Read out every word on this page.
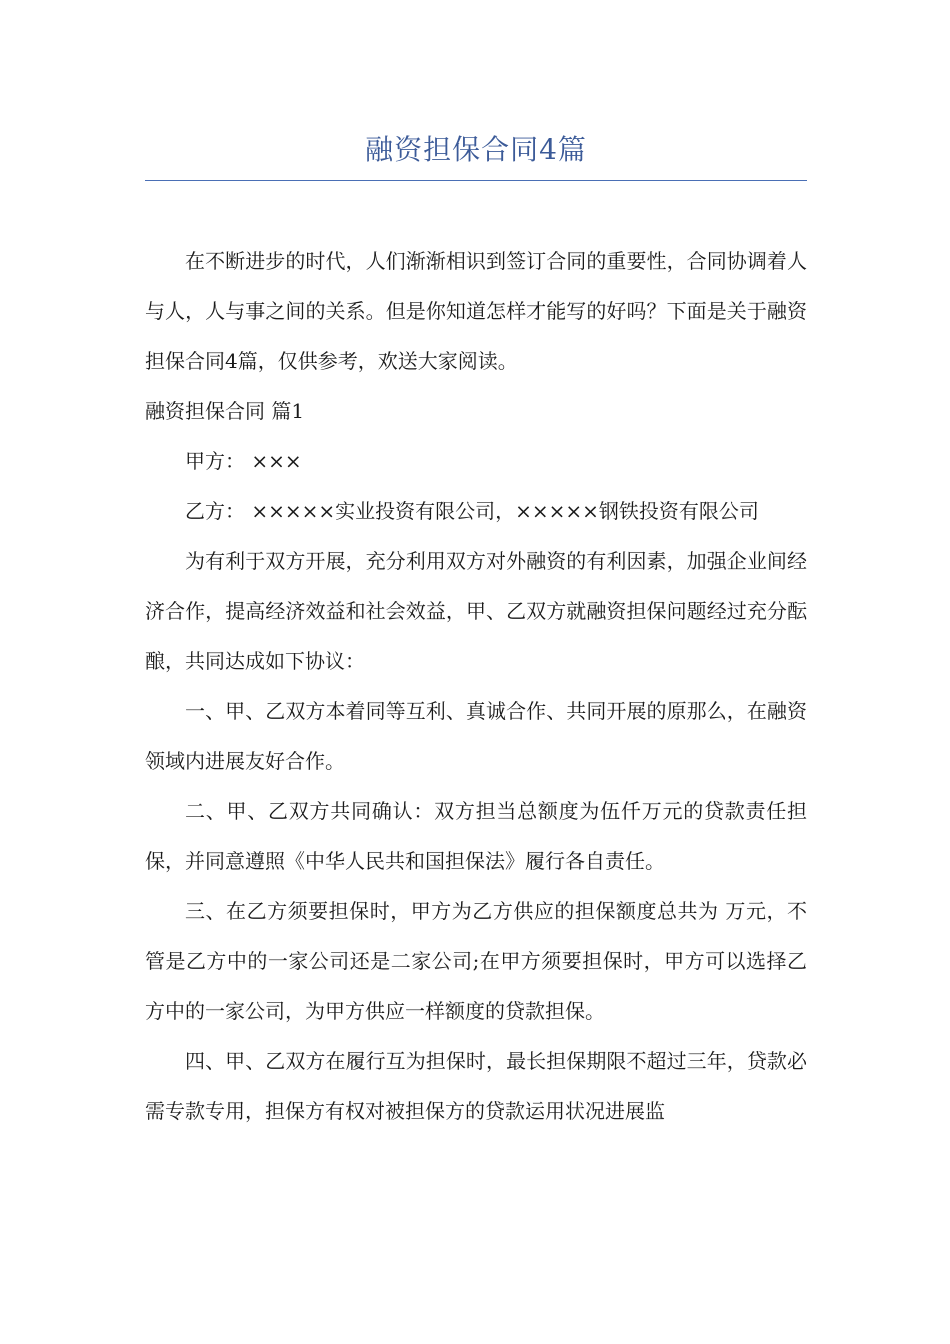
融资担保合同4篇

在不断进步的时代，人们渐渐相识到签订合同的重要性，合同协调着人与人，人与事之间的关系。但是你知道怎样才能写的好吗？下面是关于融资担保合同4篇，仅供参考，欢送大家阅读。

融资担保合同 篇1

甲方： ×××

乙方： ×××××实业投资有限公司，×××××钢铁投资有限公司

为有利于双方开展，充分利用双方对外融资的有利因素，加强企业间经济合作，提高经济效益和社会效益，甲、乙双方就融资担保问题经过充分酝酿，共同达成如下协议：

一、甲、乙双方本着同等互利、真诚合作、共同开展的原那么，在融资领域内进展友好合作。

二、甲、乙双方共同确认：双方担当总额度为伍仟万元的贷款责任担保，并同意遵照《中华人民共和国担保法》履行各自责任。

三、在乙方须要担保时，甲方为乙方供应的担保额度总共为 万元，不管是乙方中的一家公司还是二家公司;在甲方须要担保时，甲方可以选择乙方中的一家公司，为甲方供应一样额度的贷款担保。

四、甲、乙双方在履行互为担保时，最长担保期限不超过三年，贷款必需专款专用，担保方有权对被担保方的贷款运用状况进展监
